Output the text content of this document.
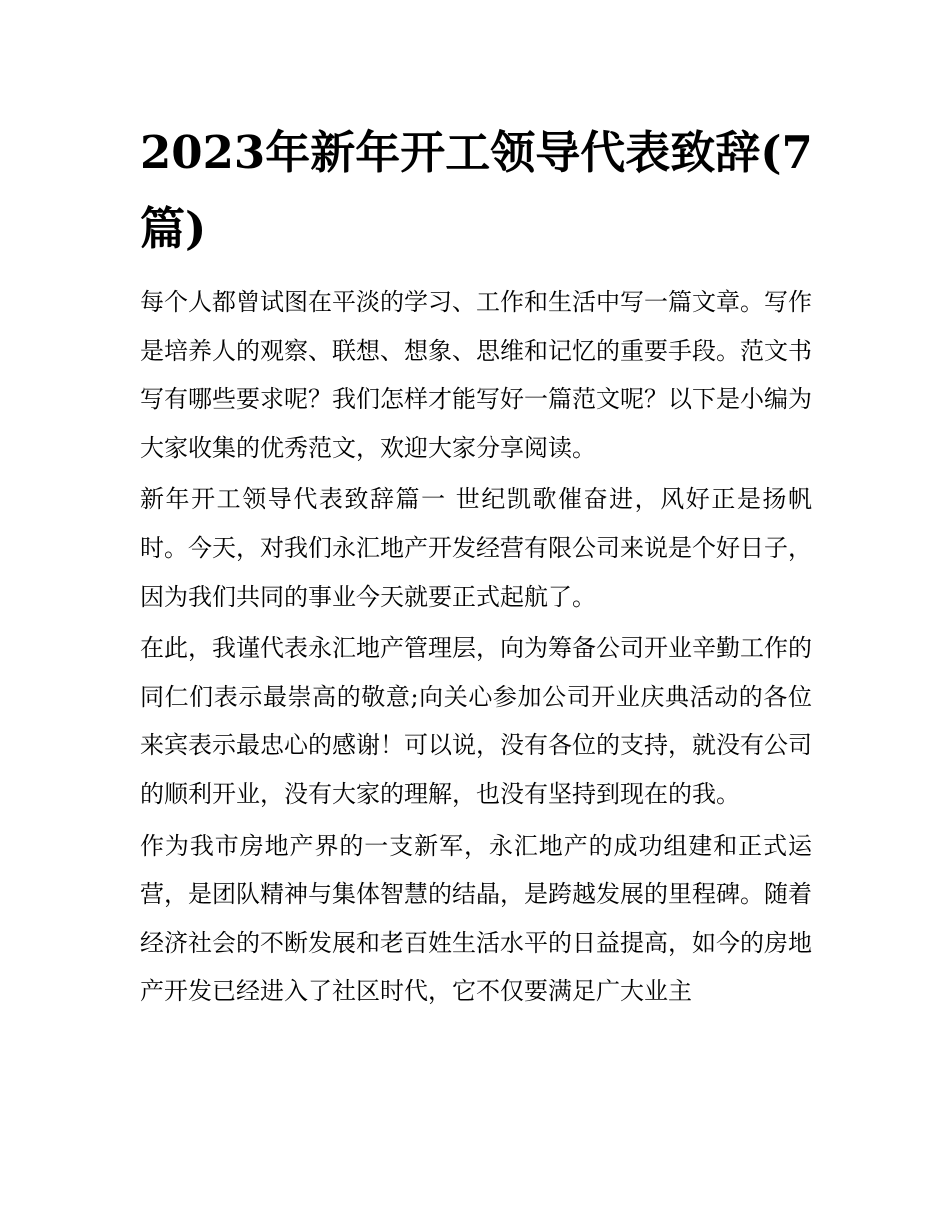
2023年新年开工领导代表致辞(7篇)

每个人都曾试图在平淡的学习、工作和生活中写一篇文章。写作是培养人的观察、联想、想象、思维和记忆的重要手段。范文书写有哪些要求呢？我们怎样才能写好一篇范文呢？以下是小编为大家收集的优秀范文，欢迎大家分享阅读。

新年开工领导代表致辞篇一 世纪凯歌催奋进，风好正是扬帆时。今天，对我们永汇地产开发经营有限公司来说是个好日子，因为我们共同的事业今天就要正式起航了。

在此，我谨代表永汇地产管理层，向为筹备公司开业辛勤工作的同仁们表示最崇高的敬意;向关心参加公司开业庆典活动的各位来宾表示最忠心的感谢！可以说，没有各位的支持，就没有公司的顺利开业，没有大家的理解，也没有坚持到现在的我。

作为我市房地产界的一支新军，永汇地产的成功组建和正式运营，是团队精神与集体智慧的结晶，是跨越发展的里程碑。随着经济社会的不断发展和老百姓生活水平的日益提高，如今的房地产开发已经进入了社区时代，它不仅要满足广大业主
